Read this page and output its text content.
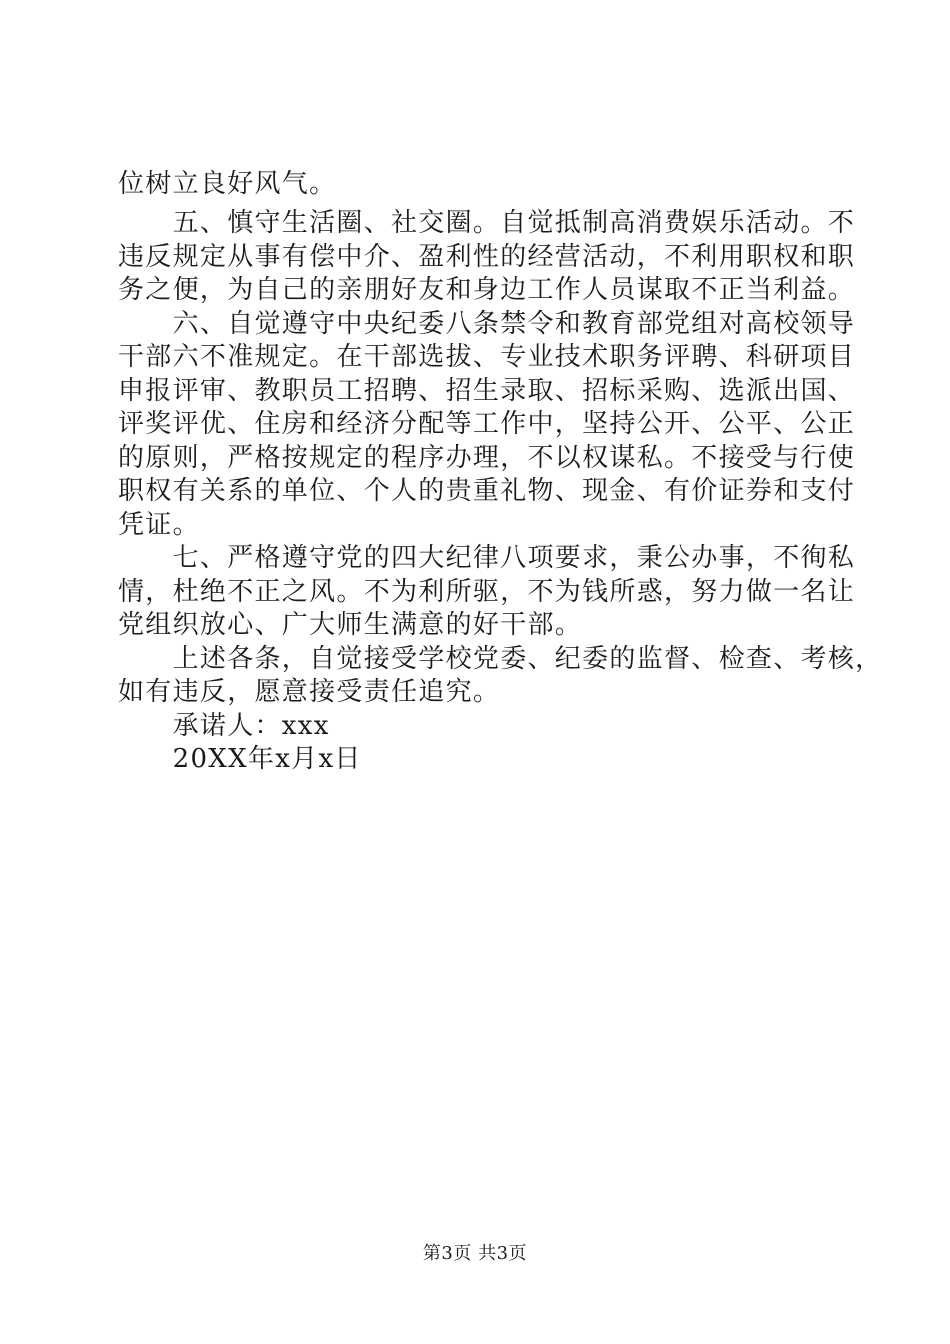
位树立良好风气。
　　五、慎守生活圈、社交圈。自觉抵制高消费娱乐活动。不
违反规定从事有偿中介、盈利性的经营活动，不利用职权和职
务之便，为自己的亲朋好友和身边工作人员谋取不正当利益。
　　六、自觉遵守中央纪委八条禁令和教育部党组对高校领导
干部六不准规定。在干部选拔、专业技术职务评聘、科研项目
申报评审、教职员工招聘、招生录取、招标采购、选派出国、
评奖评优、住房和经济分配等工作中，坚持公开、公平、公正
的原则，严格按规定的程序办理，不以权谋私。不接受与行使
职权有关系的单位、个人的贵重礼物、现金、有价证券和支付
凭证。
　　七、严格遵守党的四大纪律八项要求，秉公办事，不徇私
情，杜绝不正之风。不为利所驱，不为钱所惑，努力做一名让
党组织放心、广大师生满意的好干部。
　　上述各条，自觉接受学校党委、纪委的监督、检查、考核，
如有违反，愿意接受责任追究。
　　承诺人：xxx
　　20XX年x月x日
第3页 共3页
